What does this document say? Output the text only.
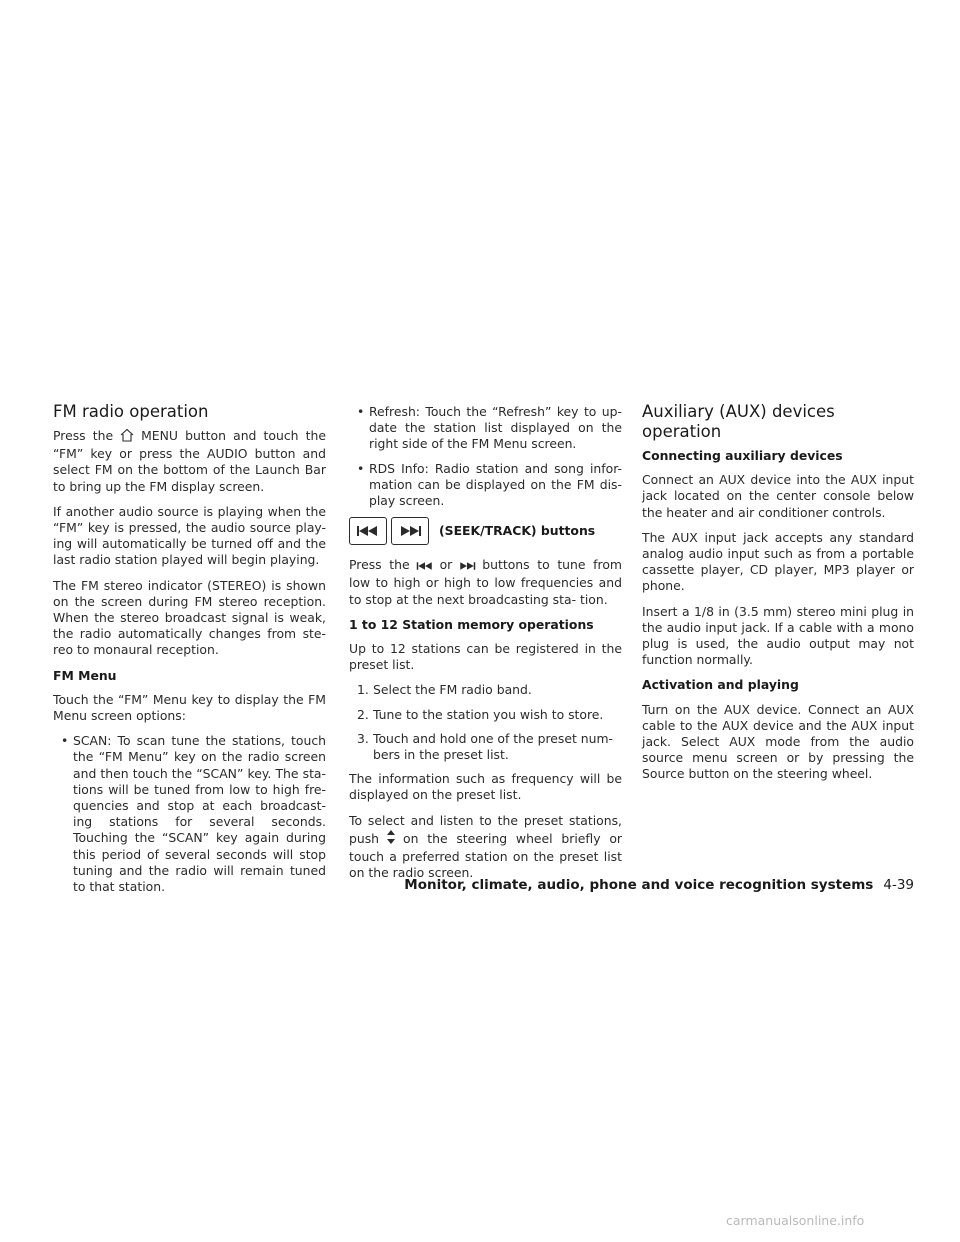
FM radio operation

Press the MENU button and touch the “FM” key or press the AUDIO button and select FM on the bottom of the Launch Bar to bring up the FM display screen.

If another audio source is playing when the “FM” key is pressed, the audio source play- ing will automatically be turned off and the last radio station played will begin playing.

The FM stereo indicator (STEREO) is shown on the screen during FM stereo reception. When the stereo broadcast signal is weak, the radio automatically changes from ste- reo to monaural reception.

FM Menu

Touch the “FM” Menu key to display the FM Menu screen options:

• SCAN: To scan tune the stations, touch the “FM Menu” key on the radio screen and then touch the “SCAN” key. The sta- tions will be tuned from low to high fre- quencies and stop at each broadcast- ing stations for several seconds. Touching the “SCAN” key again during this period of several seconds will stop tuning and the radio will remain tuned to that station.
• Refresh: Touch the “Refresh” key to up- date the station list displayed on the right side of the FM Menu screen.
• RDS Info: Radio station and song infor- mation can be displayed on the FM dis- play screen.
(SEEK/TRACK) buttons

Press the or buttons to tune from low to high or high to low frequencies and to stop at the next broadcasting sta- tion.

1 to 12 Station memory operations

Up to 12 stations can be registered in the preset list.

1. Select the FM radio band.
2. Tune to the station you wish to store.
3. Touch and hold one of the preset num- bers in the preset list.

The information such as frequency will be displayed on the preset list.

To select and listen to the preset stations, push on the steering wheel briefly or touch a preferred station on the preset list on the radio screen.

Auxiliary (AUX) devices operation
Connecting auxiliary devices

Connect an AUX device into the AUX input jack located on the center console below the heater and air conditioner controls.

The AUX input jack accepts any standard analog audio input such as from a portable cassette player, CD player, MP3 player or phone.

Insert a 1/8 in (3.5 mm) stereo mini plug in the audio input jack. If a cable with a mono plug is used, the audio output may not function normally.

Activation and playing

Turn on the AUX device. Connect an AUX cable to the AUX device and the AUX input jack. Select AUX mode from the audio source menu screen or by pressing the Source button on the steering wheel.

Monitor, climate, audio, phone and voice recognition systems 4-39
carmanualsonline.info
